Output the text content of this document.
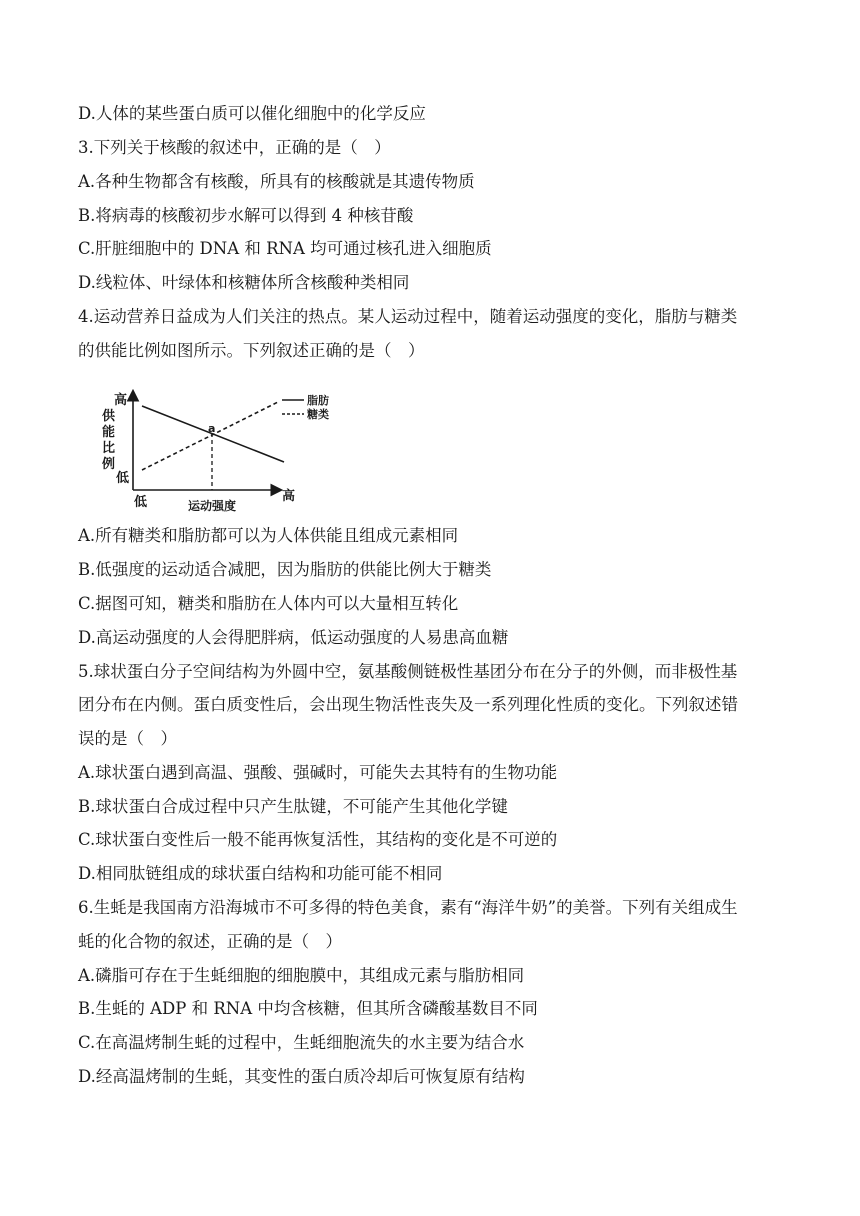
D.人体的某些蛋白质可以催化细胞中的化学反应
3.下列关于核酸的叙述中，正确的是（　）
A.各种生物都含有核酸，所具有的核酸就是其遗传物质
B.将病毒的核酸初步水解可以得到 4 种核苷酸
C.肝脏细胞中的 DNA 和 RNA 均可通过核孔进入细胞质
D.线粒体、叶绿体和核糖体所含核酸种类相同
4.运动营养日益成为人们关注的热点。某人运动过程中，随着运动强度的变化，脂肪与糖类
的供能比例如图所示。下列叙述正确的是（　）
a
高
供
能
比
例
低
低	高
运动强度
脂肪
糖类
A.所有糖类和脂肪都可以为人体供能且组成元素相同
B.低强度的运动适合减肥，因为脂肪的供能比例大于糖类
C.据图可知，糖类和脂肪在人体内可以大量相互转化
D.高运动强度的人会得肥胖病，低运动强度的人易患高血糖
5.球状蛋白分子空间结构为外圆中空，氨基酸侧链极性基团分布在分子的外侧，而非极性基
团分布在内侧。蛋白质变性后，会出现生物活性丧失及一系列理化性质的变化。下列叙述错
误的是（　）
A.球状蛋白遇到高温、强酸、强碱时，可能失去其特有的生物功能
B.球状蛋白合成过程中只产生肽键，不可能产生其他化学键
C.球状蛋白变性后一般不能再恢复活性，其结构的变化是不可逆的
D.相同肽链组成的球状蛋白结构和功能可能不相同
6.生蚝是我国南方沿海城市不可多得的特色美食，素有“海洋牛奶”的美誉。下列有关组成生
蚝的化合物的叙述，正确的是（　）
A.磷脂可存在于生蚝细胞的细胞膜中，其组成元素与脂肪相同
B.生蚝的 ADP 和 RNA 中均含核糖，但其所含磷酸基数目不同
C.在高温烤制生蚝的过程中，生蚝细胞流失的水主要为结合水
D.经高温烤制的生蚝，其变性的蛋白质冷却后可恢复原有结构
